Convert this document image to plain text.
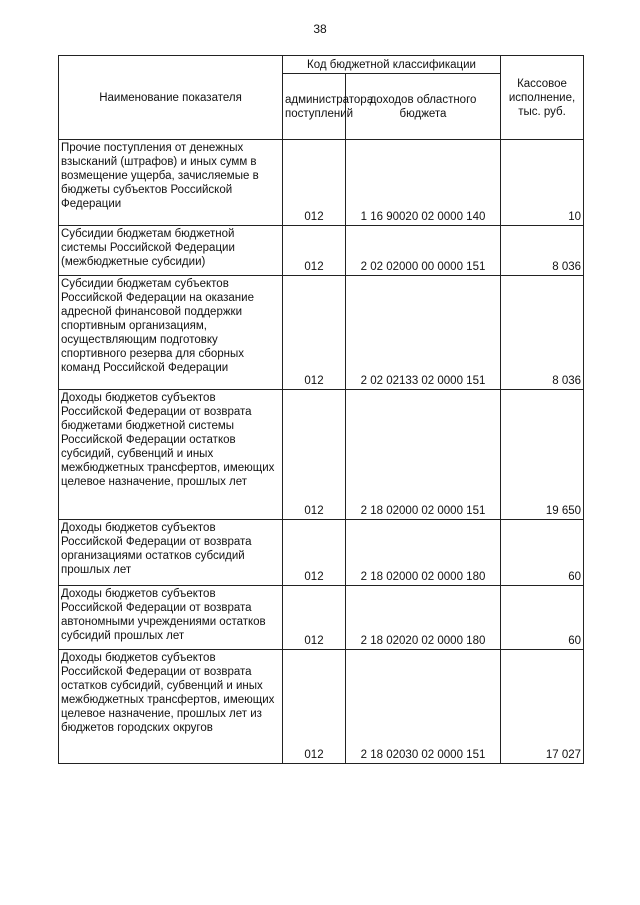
38
Наименование показателя	Код бюджетной классификации		Кассовое исполнение, тыс. руб.
	администратора поступлений	доходов областного бюджета	
Прочие поступления от денежных взысканий (штрафов) и иных сумм в возмещение ущерба, зачисляемые в бюджеты субъектов Российской Федерации	012	1 16 90020 02 0000 140	10
Субсидии бюджетам бюджетной системы Российской Федерации (межбюджетные субсидии)	012	2 02 02000 00 0000 151	8 036
Субсидии бюджетам субъектов Российской Федерации на оказание адресной финансовой поддержки спортивным организациям, осуществляющим подготовку спортивного резерва для сборных команд Российской Федерации	012	2 02 02133 02 0000 151	8 036
Доходы бюджетов субъектов Российской Федерации от возврата бюджетами бюджетной системы Российской Федерации остатков субсидий, субвенций и иных межбюджетных трансфертов, имеющих целевое назначение, прошлых лет	012	2 18 02000 02 0000 151	19 650
Доходы бюджетов субъектов Российской Федерации от возврата организациями остатков субсидий прошлых лет	012	2 18 02000 02 0000 180	60
Доходы бюджетов субъектов Российской Федерации от возврата автономными учреждениями остатков субсидий прошлых лет	012	2 18 02020 02 0000 180	60
Доходы бюджетов субъектов Российской Федерации от возврата остатков субсидий, субвенций и иных межбюджетных трансфертов, имеющих целевое назначение, прошлых лет из бюджетов городских округов	012	2 18 02030 02 0000 151	17 027
